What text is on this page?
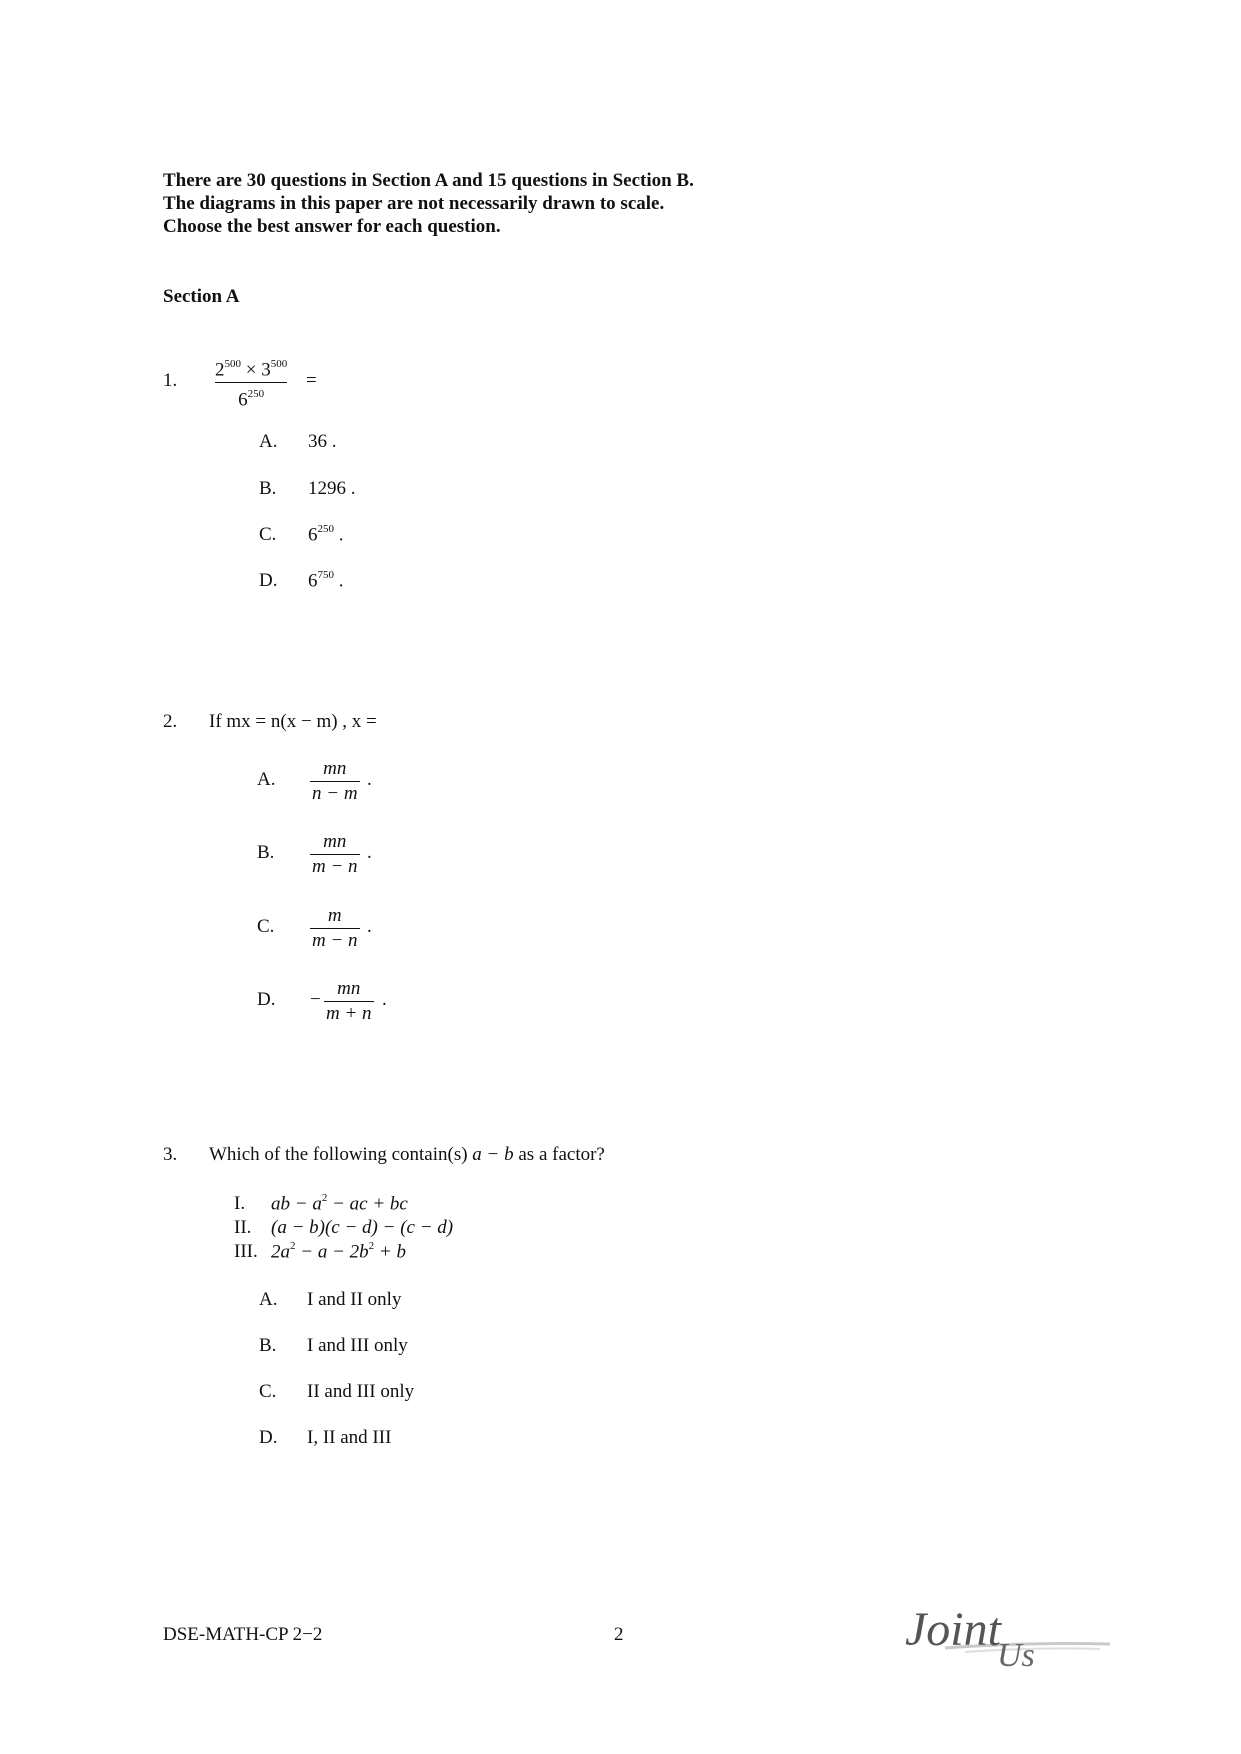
There are 30 questions in Section A and 15 questions in Section B.
The diagrams in this paper are not necessarily drawn to scale.
Choose the best answer for each question.
Section A
1.
$2^{500} \times 3^{500}$
$6^{250}$
=
A. 36 .
B. 1296 .
C. $6^{250}$ .
D. $6^{750}$ .
2. If mx = n(x − m) , x =
A.
mn
n − m
.
B.
mn
m − n
.
C.
m
m − n
.
D. −
mn
m + n
.
3. Which of the following contain(s) a − b as a factor?
I. ab − $a^2$ − ac + bc
II. (a − b)(c − d) − (c − d)
III. $2a^2 - a - 2b^2 + b$
A. I and II only
B. I and III only
C. II and III only
D. I, II and III
DSE-MATH-CP 2−2	2	Joint
Us
